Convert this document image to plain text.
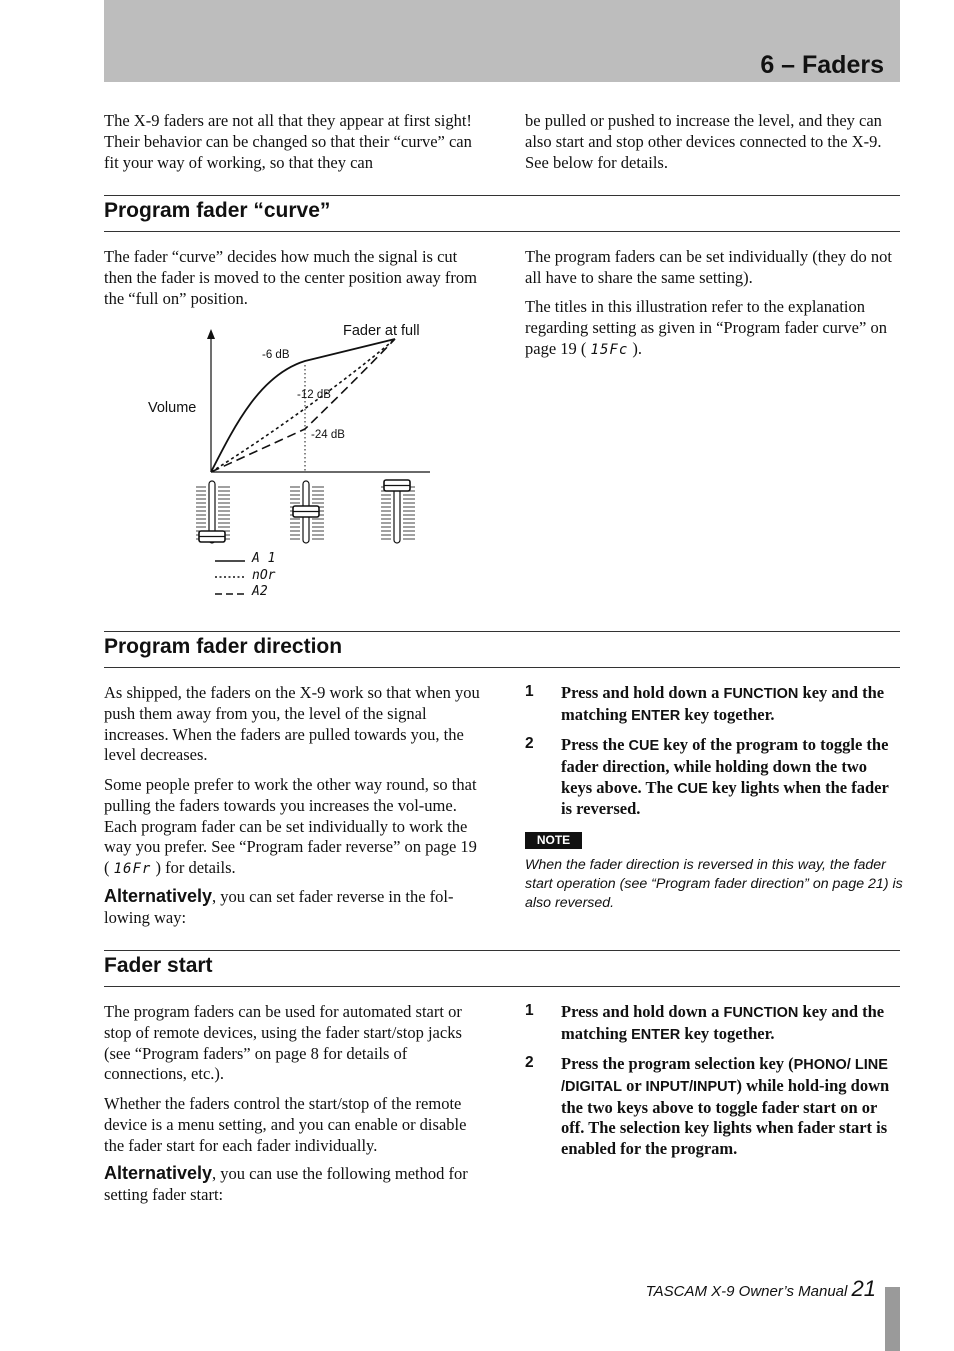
6 – Faders

The X-9 faders are not all that they appear at first sight! Their behavior can be changed so that their “curve” can fit your way of working, so that they can

be pulled or pushed to increase the level, and they can also start and stop other devices connected to the X-9. See below for details.

Program fader “curve”

The fader “curve” decides how much the signal is cut then the fader is moved to the center position away from the “full on” position.

The program faders can be set individually (they do not all have to share the same setting).

The titles in this illustration refer to the explanation regarding setting as given in “Program fader curve” on page 19 ( 15Fc ).

Volume
Fader at full
-6 dB
-12 dB
-24 dB
A 1
nOr
A2
Program fader direction

As shipped, the faders on the X-9 work so that when you push them away from you, the level of the signal increases. When the faders are pulled towards you, the level decreases.

Some people prefer to work the other way round, so that pulling the faders towards you increases the vol-ume. Each program fader can be set individually to work the way you prefer. See “Program fader reverse” on page 19 ( 16Fr ) for details.

Alternatively, you can set fader reverse in the fol-lowing way:

1 Press and hold down a FUNCTION key and the matching ENTER key together.
2 Press the CUE key of the program to toggle the fader direction, while holding down the two keys above. The CUE key lights when the fader is reversed.
NOTE

When the fader direction is reversed in this way, the fader start operation (see “Program fader direction” on page 21) is also reversed.

Fader start

The program faders can be used for automated start or stop of remote devices, using the fader start/stop jacks (see “Program faders” on page 8 for details of connections, etc.).

Whether the faders control the start/stop of the remote device is a menu setting, and you can enable or disable the fader start for each fader individually.

Alternatively, you can use the following method for setting fader start:

1 Press and hold down a FUNCTION key and the matching ENTER key together.
2 Press the program selection key (PHONO/ LINE /DIGITAL or INPUT/INPUT) while hold-ing down the two keys above to toggle fader start on or off. The selection key lights when fader start is enabled for the program.
TASCAM X-9 Owner’s Manual 21
